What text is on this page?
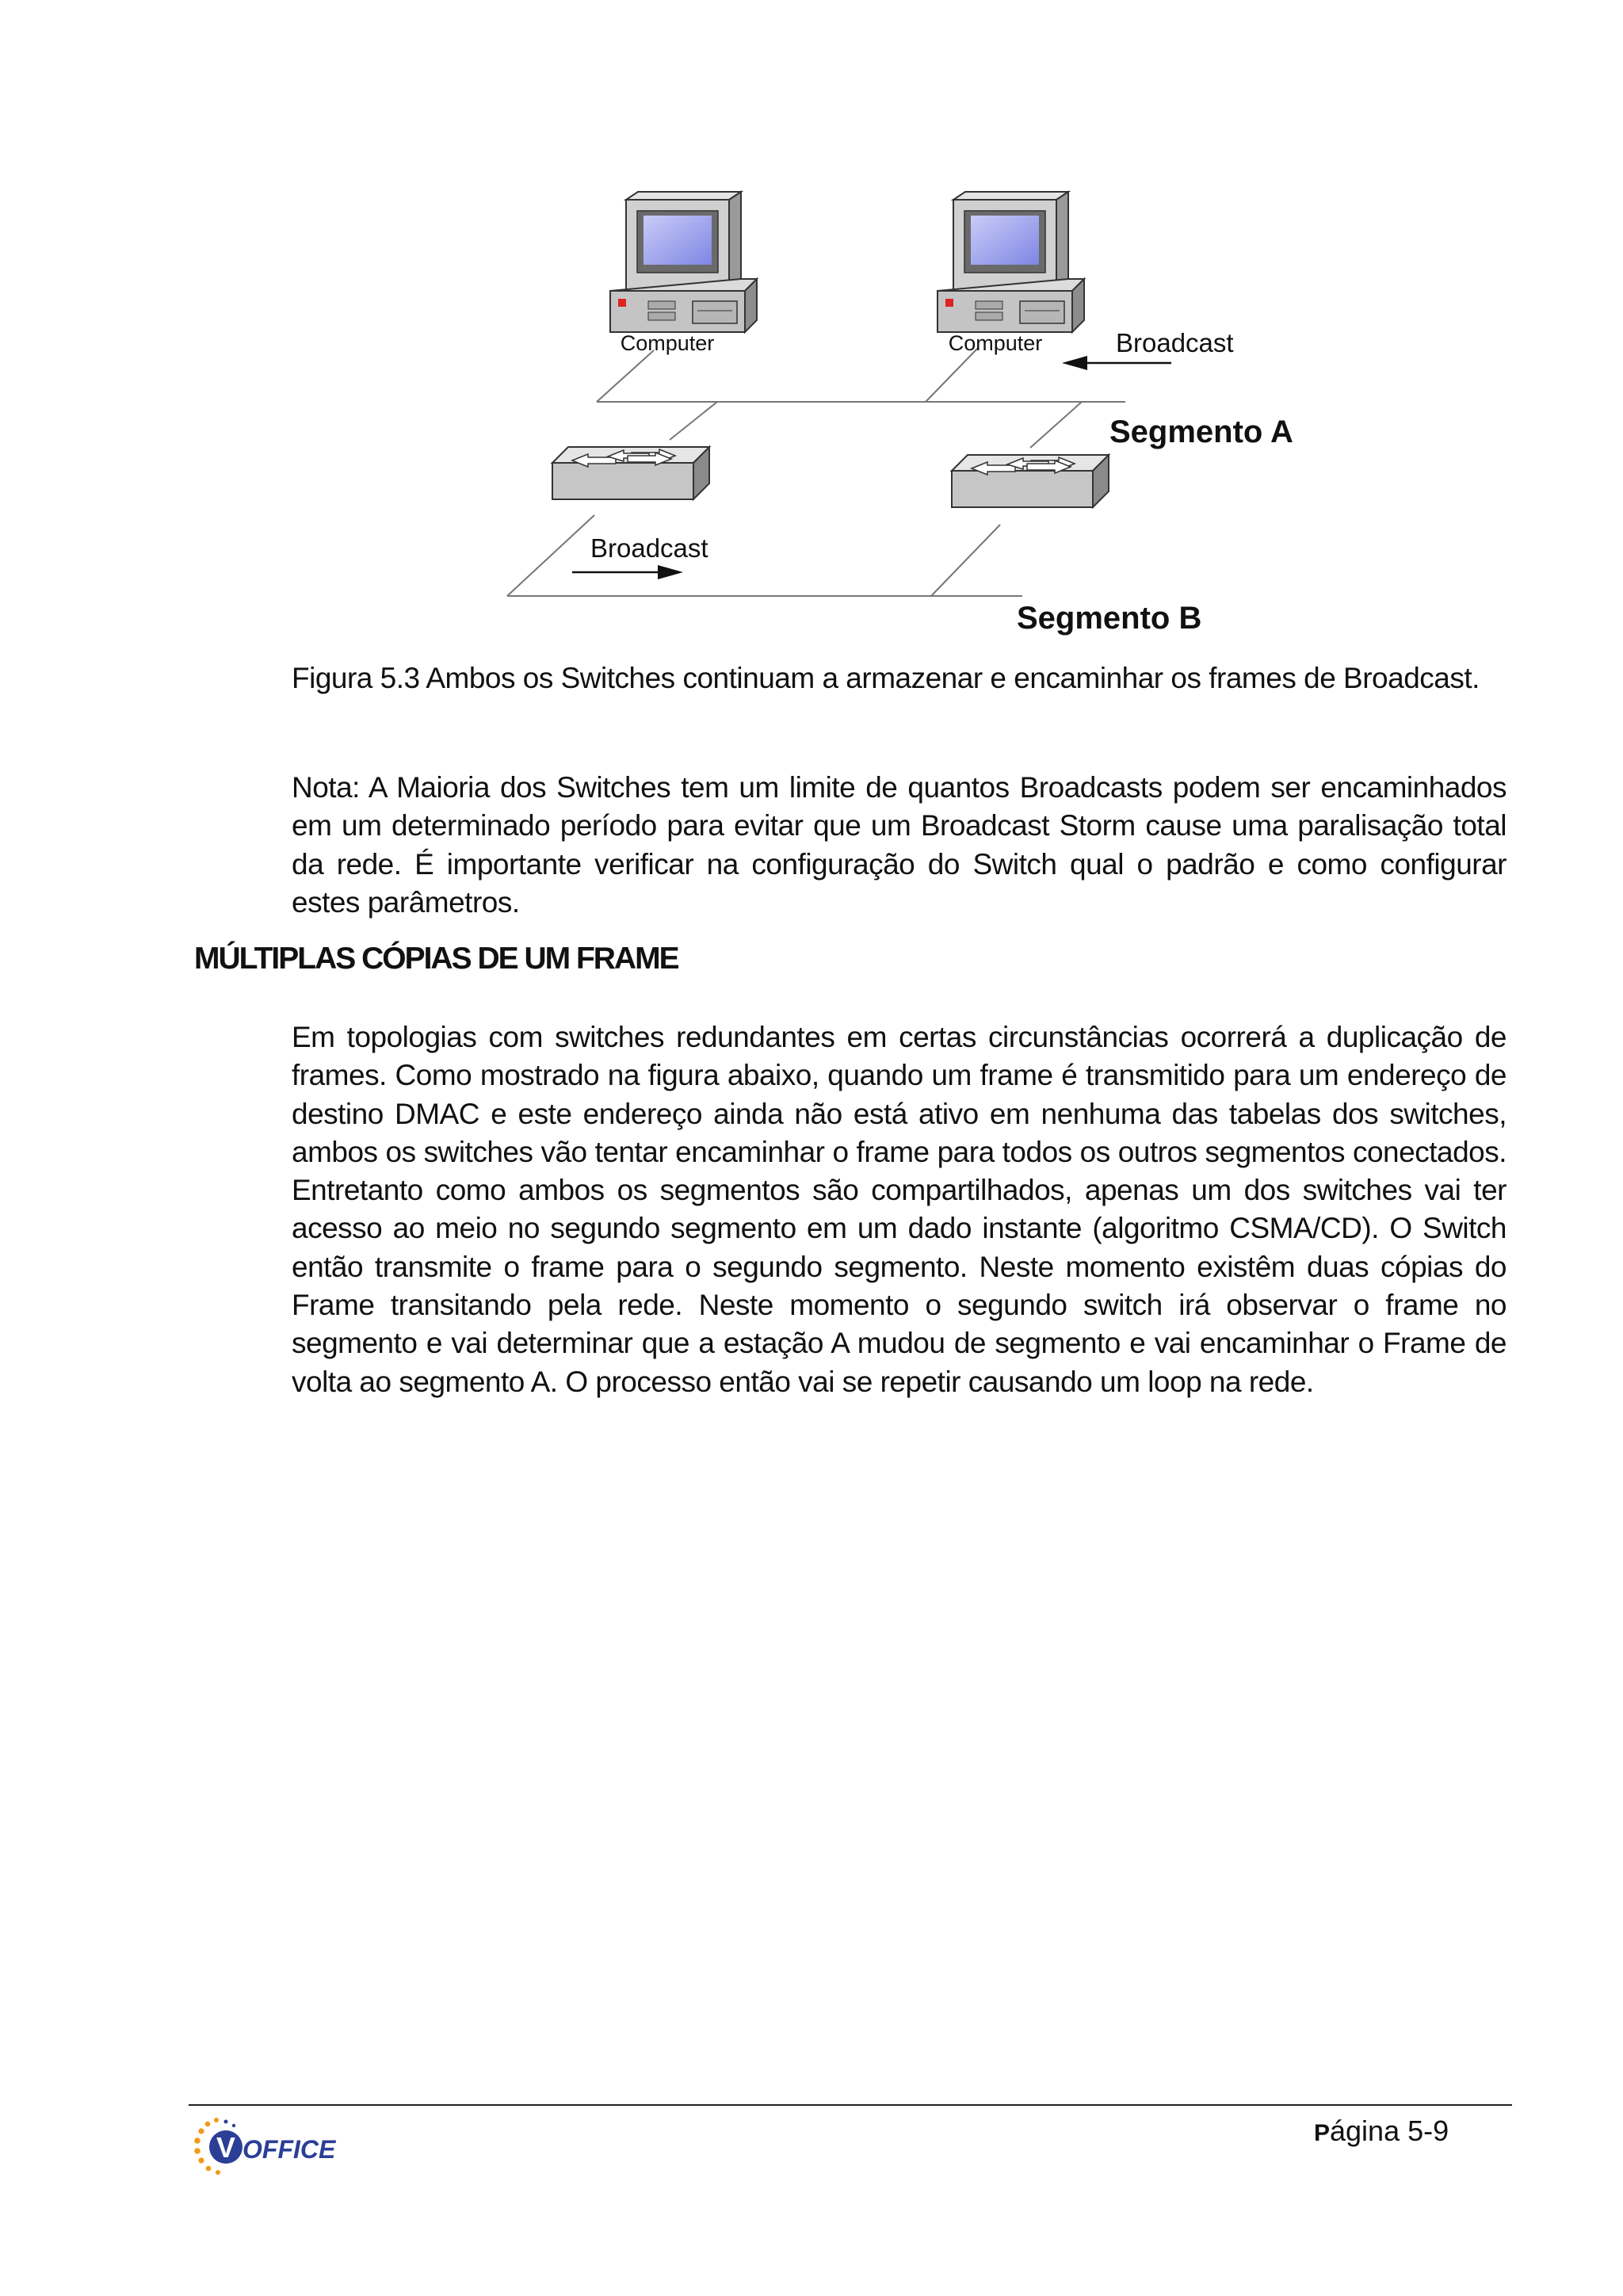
Computer	Computer	Broadcast
Segmento A
Broadcast
Segmento B
Figura 5.3 Ambos os Switches continuam a armazenar e encaminhar os frames de Broadcast.

Nota: A Maioria dos Switches tem um limite de quantos Broadcasts podem ser encaminhados em um determinado período para evitar que um Broadcast Storm cause uma paralisação total da rede. É importante verificar na configuração do Switch qual o padrão e como configurar estes parâmetros.

MÚLTIPLAS CÓPIAS DE UM FRAME

Em topologias com switches redundantes em certas circunstâncias ocorrerá a duplicação de frames. Como mostrado na figura abaixo, quando um frame é transmitido para um endereço de destino DMAC e este endereço ainda não está ativo em nenhuma das tabelas dos switches, ambos os switches vão tentar encaminhar o frame para todos os outros segmentos conectados. Entretanto como ambos os segmentos são compartilhados, apenas um dos switches vai ter acesso ao meio no segundo segmento em um dado instante (algoritmo CSMA/CD). O Switch então transmite o frame para o segundo segmento. Neste momento existêm duas cópias do Frame transitando pela rede. Neste momento o segundo switch irá observar o frame no segmento e vai determinar que a estação A mudou de segmento e vai encaminhar o Frame de volta ao segmento A. O processo então vai se repetir causando um loop na rede.

V OFFICE
Página 5-9
